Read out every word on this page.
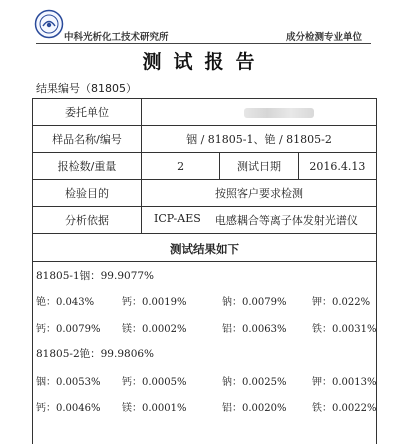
中科光析化工技术研究所	成分检测专业单位
测试报告
结果编号（81805）
委托单位			
样品名称/编号	铟 / 81805-1、铯 / 81805-2		
报检数/重量	2	测试日期	2016.4.13
检验目的	按照客户要求检测		
分析依据	ICP-AES 电感耦合等离子体发射光谱仪		
测试结果如下
81805-1铟：99.9077%
铯：0.043%	钙：0.0019%	钠：0.0079%	钾：0.022%
钙：0.0079% 镁：0.0002%	铝：0.0063%	铁：0.0031%
81805-2铯：99.9806%
铟：0.0053% 钙：0.0005%	钠：0.0025%	钾：0.0013%
钙：0.0046% 镁：0.0001%	铝：0.0020%	铁：0.0022%
